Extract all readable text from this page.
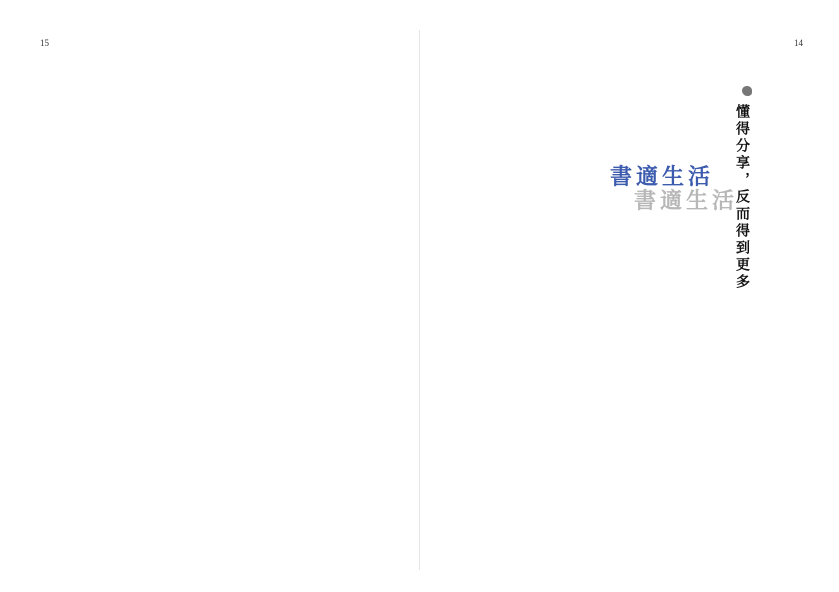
15	14
懂得分享，反而得到更多
書適生活
書適生活
